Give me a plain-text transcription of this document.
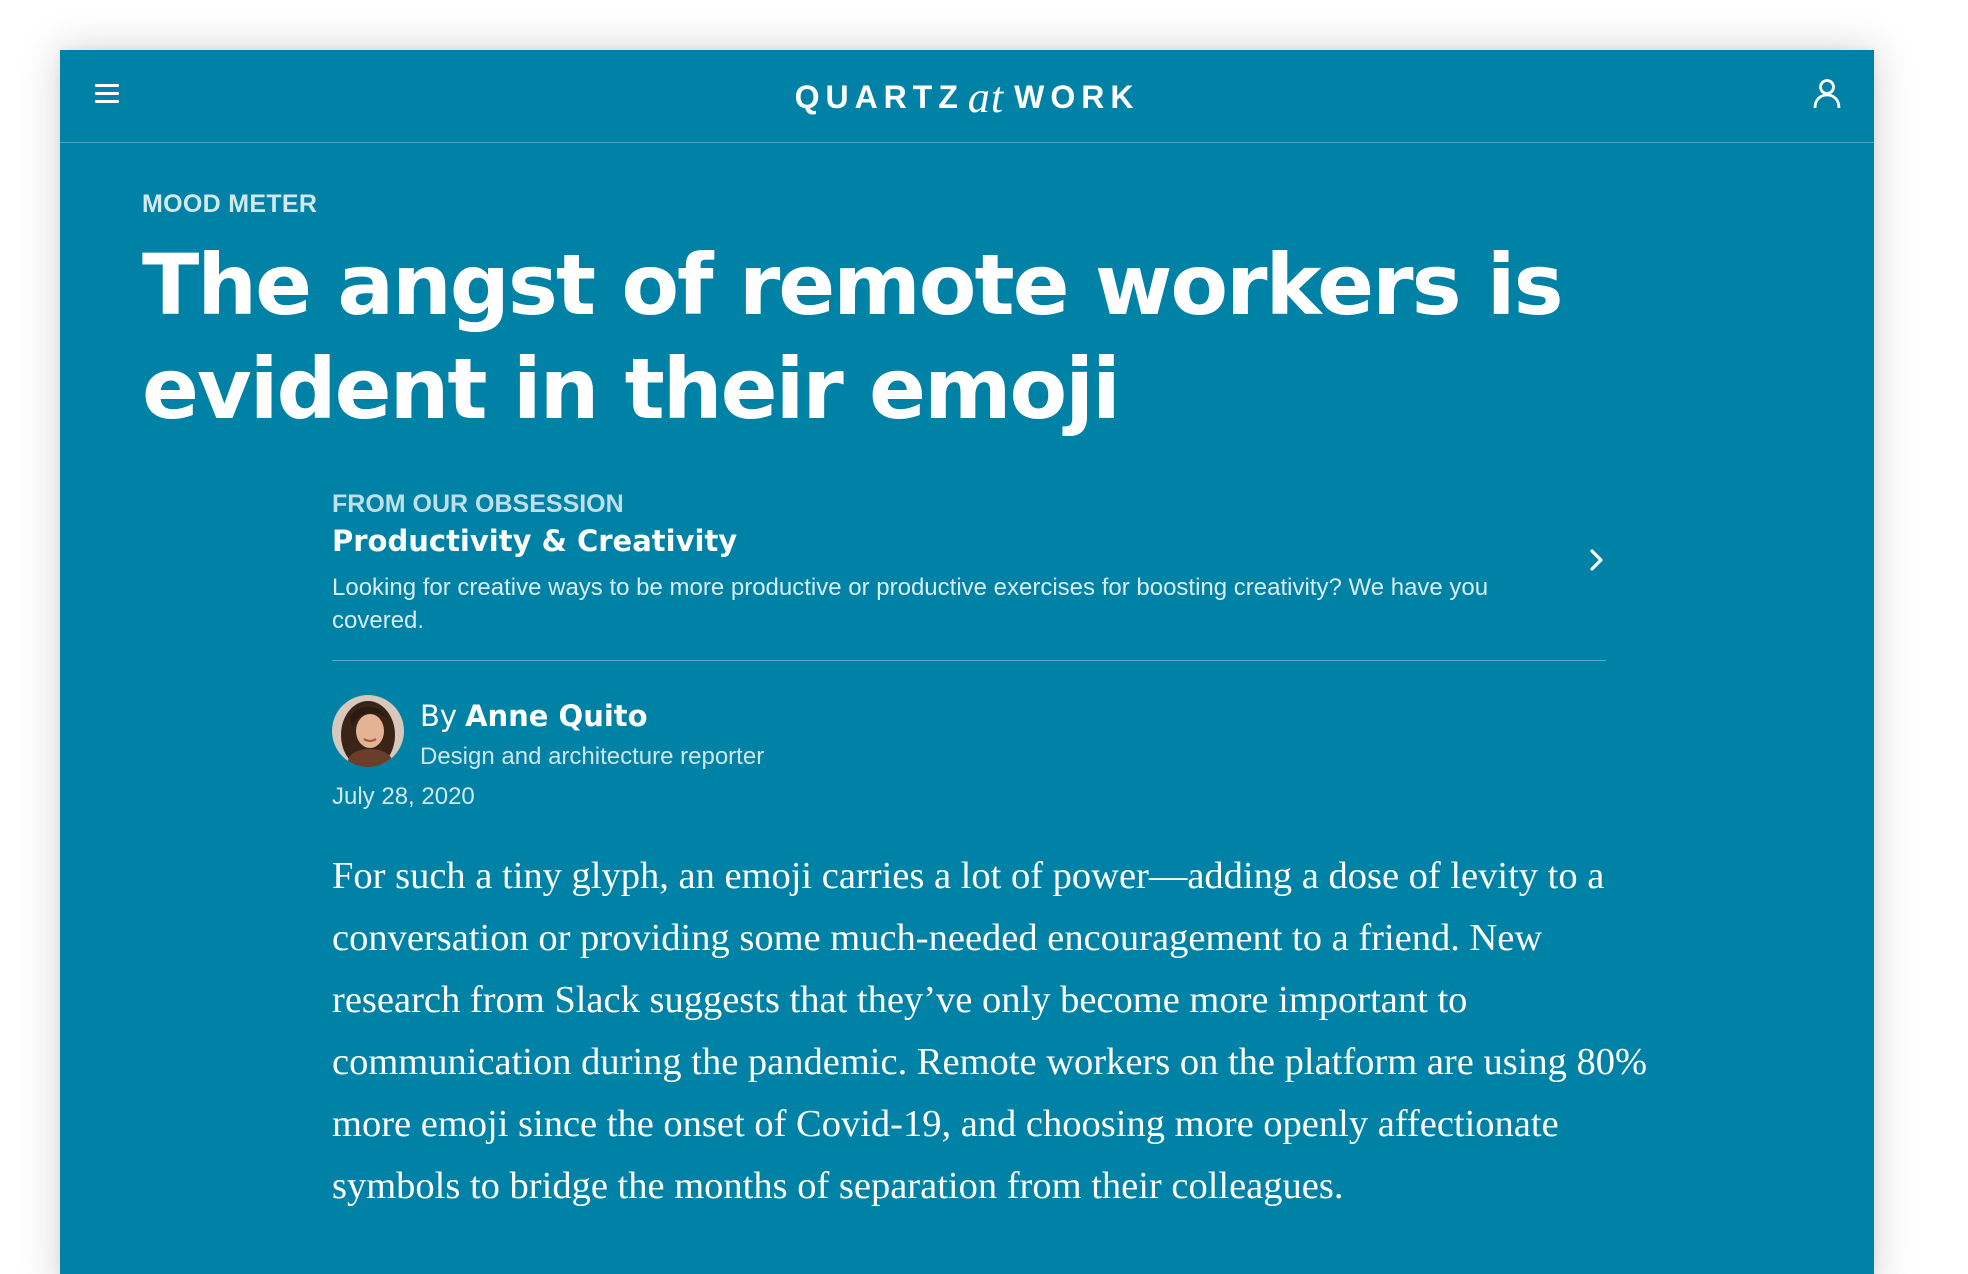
QUARTZat WORK
MOOD METER
The angst of remote workers is evident in their emoji
FROM OUR OBSESSION
Productivity & Creativity
Looking for creative ways to be more productive or productive exercises for boosting creativity? We have you covered.
By Anne Quito
Design and architecture reporter
July 28, 2020

For such a tiny glyph, an emoji carries a lot of power—adding a dose of levity to a conversation or providing some much-needed encouragement to a friend. New research from Slack suggests that they’ve only become more important to communication during the pandemic. Remote workers on the platform are using 80% more emoji since the onset of Covid-19, and choosing more openly affectionate symbols to bridge the months of separation from their colleagues.
